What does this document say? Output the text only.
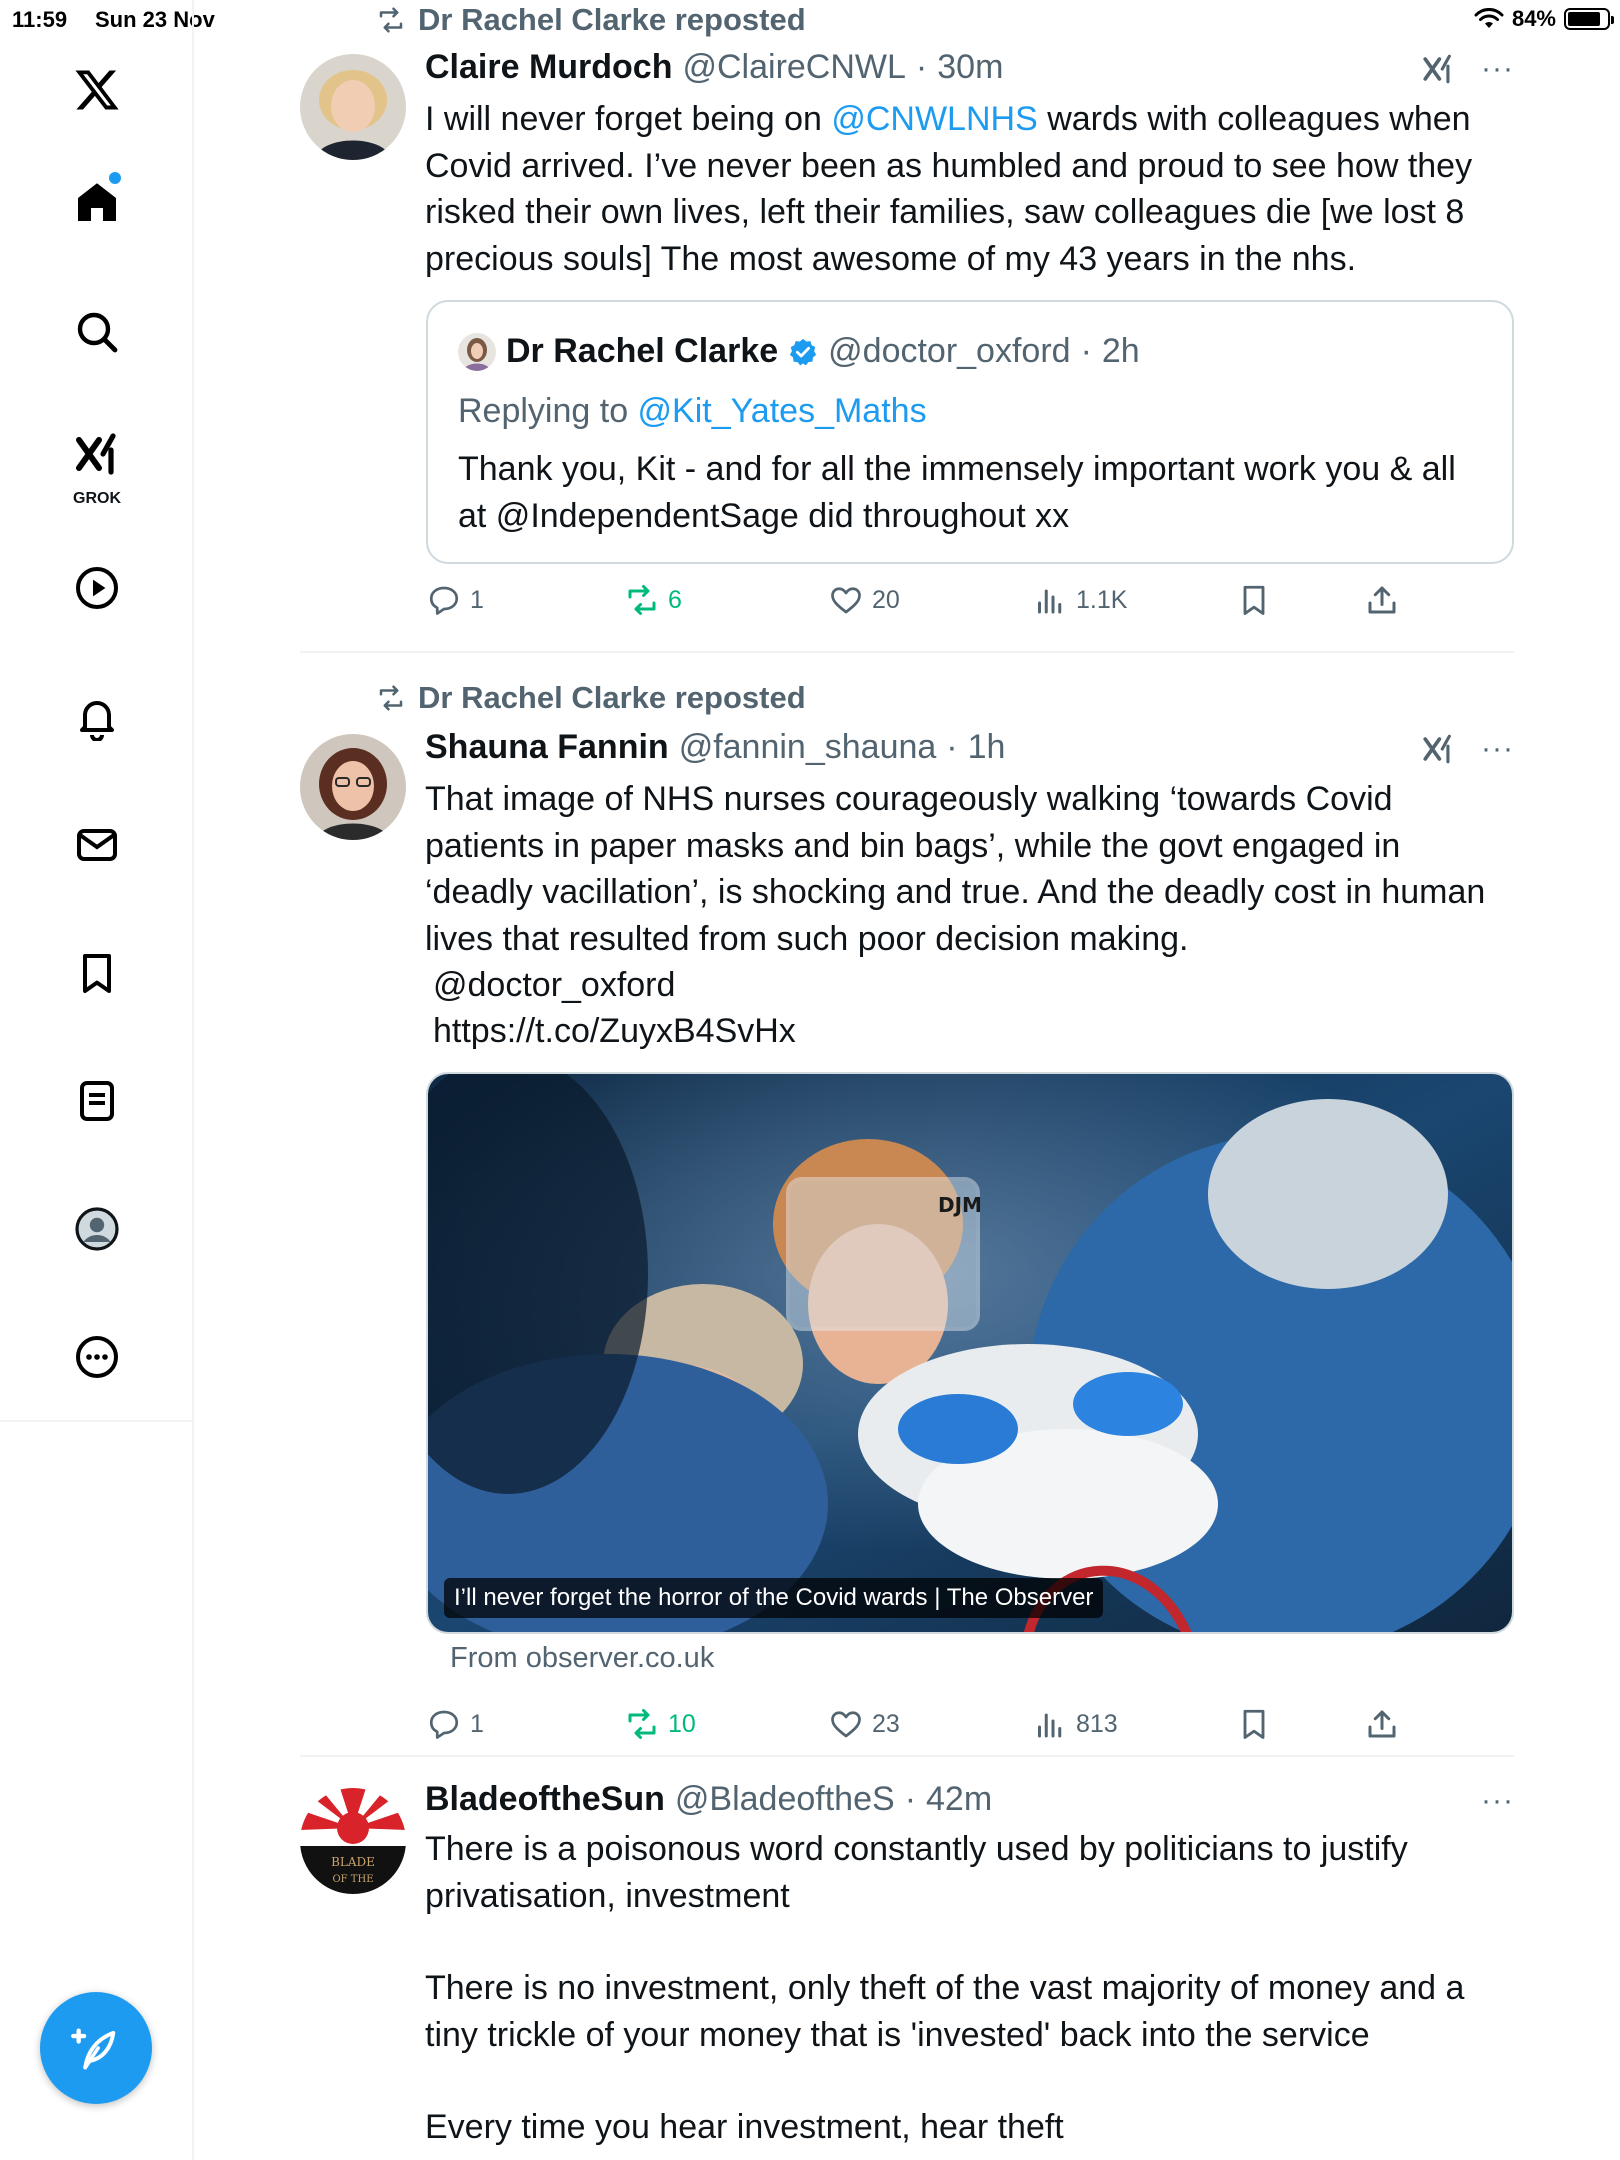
11:59 Sun 23 Nov	84%
GROK
Dr Rachel Clarke reposted
Claire Murdoch @ClaireCNWL · 30m	···
I will never forget being on @CNWLNHS wards with colleagues when Covid arrived. I’ve never been as humbled and proud to see how they risked their own lives, left their families, saw colleagues die [we lost 8 precious souls] The most awesome of my 43 years in the nhs.
Dr Rachel Clarke @doctor_oxford · 2h
Replying to @Kit_Yates_Maths
Thank you, Kit - and for all the immensely important work you & all at @IndependentSage did throughout xx
1	6	20	1.1K
Dr Rachel Clarke reposted
Shauna Fannin @fannin_shauna · 1h	···
That image of NHS nurses courageously walking ‘towards Covid patients in paper masks and bin bags’, while the govt engaged in ‘deadly vacillation’, is shocking and true. And the deadly cost in human lives that resulted from such poor decision making.
@doctor_oxford
https://t.co/ZuyxB4SvHx
DJM
I’ll never forget the horror of the Covid wards | The Observer
From observer.co.uk
1	10	23	813
BLADE
OF THE
BladeoftheSun @BladeoftheS · 42m	···
There is a poisonous word constantly used by politicians to justify privatisation, investment
There is no investment, only theft of the vast majority of money and a tiny trickle of your money that is 'invested' back into the service
Every time you hear investment, hear theft
